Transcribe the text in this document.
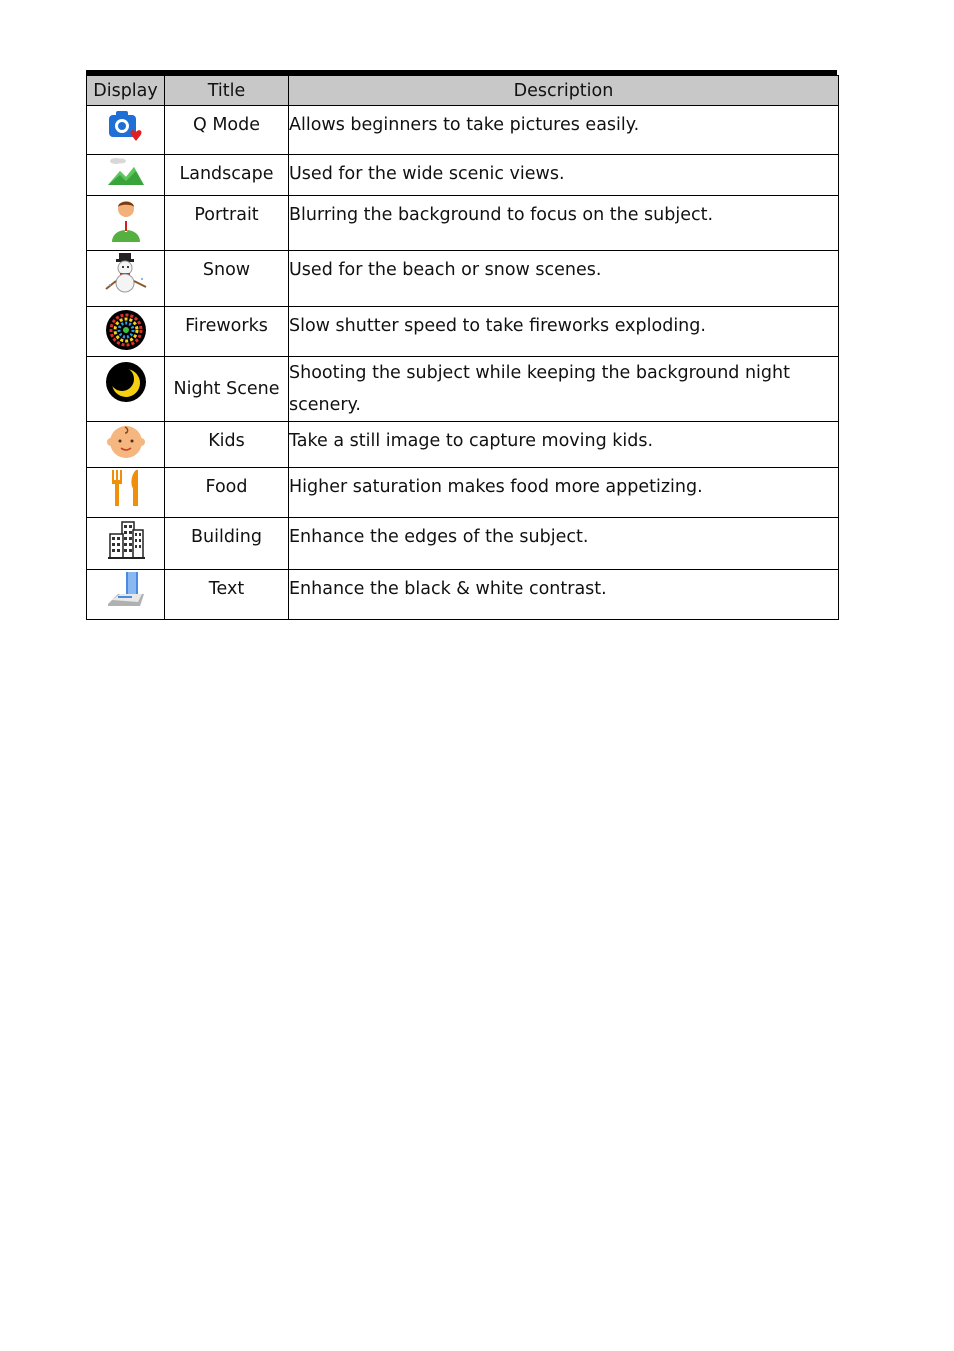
Display	Title	Description

Q Mode	Allows beginners to take pictures easily.

Landscape	Used for the wide scenic views.

Portrait	Blurring the background to focus on the subject.

Snow	Used for the beach or snow scenes.

Fireworks	Slow shutter speed to take fireworks exploding.

Night Scene	Shooting the subject while keeping the background night scenery.

Kids	Take a still image to capture moving kids.

Food	Higher saturation makes food more appetizing.

Building	Enhance the edges of the subject.

Text	Enhance the black & white contrast.
